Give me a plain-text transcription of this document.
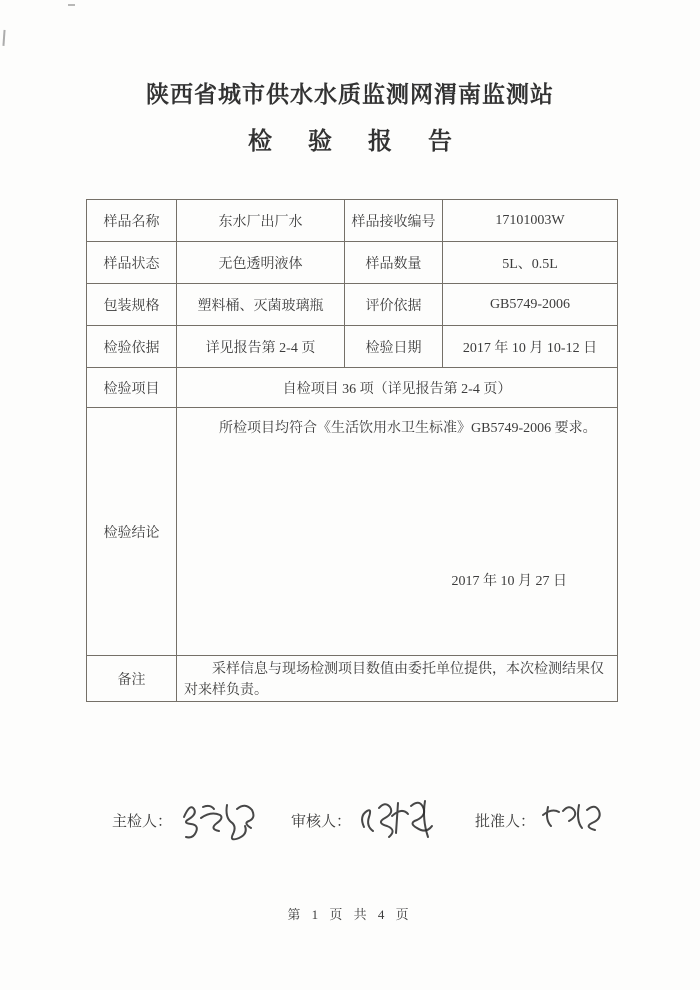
陕西省城市供水水质监测网渭南监测站
检验报告
样品名称	东水厂出厂水	样品接收编号	17101003W
样品状态	无色透明液体	样品数量	5L、0.5L
包装规格	塑料桶、灭菌玻璃瓶	评价依据	GB5749-2006
检验依据	详见报告第 2-4 页	检验日期	2017 年 10 月 10-12 日
检验项目	自检项目 36 项（详见报告第 2-4 页）		
检验结论	所检项目均符合《生活饮用水卫生标准》GB5749-2006 要求。
2017 年 10 月 27 日		

备注	采样信息与现场检测项目数值由委托单位提供，本次检测结果仅对来样负责。		
主检人：	审核人：	批准人：
第 1 页 共 4 页
